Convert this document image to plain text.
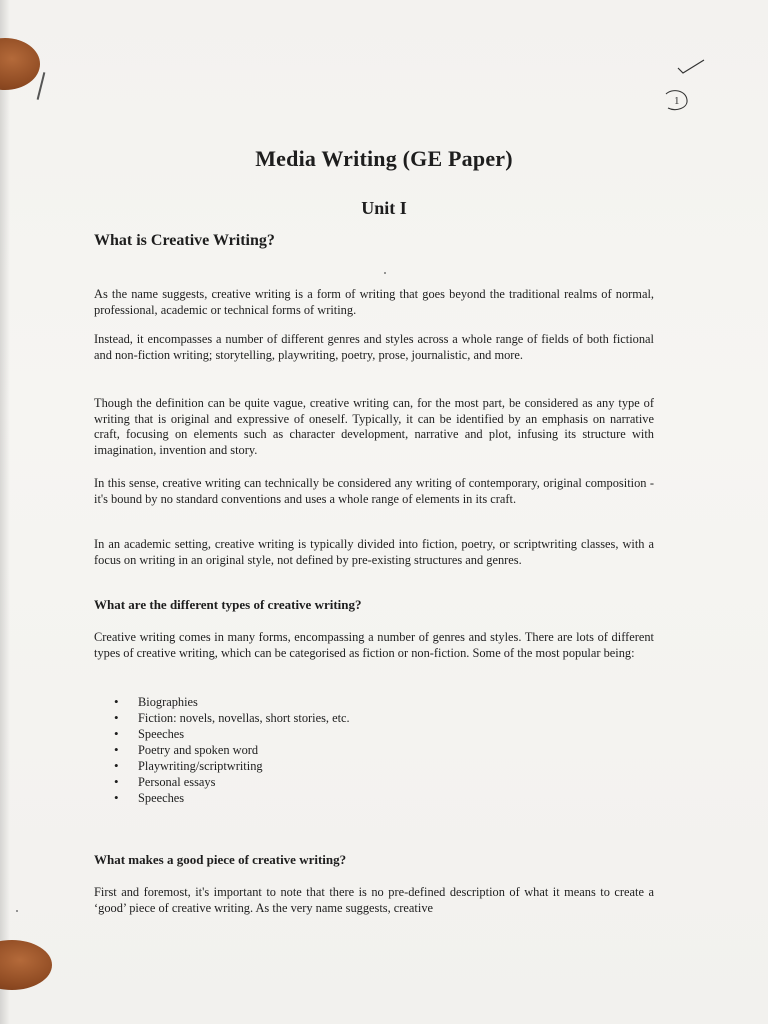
1
Media Writing (GE Paper)
Unit I
What is Creative Writing?
As the name suggests, creative writing is a form of writing that goes beyond the traditional realms of normal, professional, academic or technical forms of writing.
Instead, it encompasses a number of different genres and styles across a whole range of fields of both fictional and non-fiction writing; storytelling, playwriting, poetry, prose, journalistic, and more.
Though the definition can be quite vague, creative writing can, for the most part, be considered as any type of writing that is original and expressive of oneself. Typically, it can be identified by an emphasis on narrative craft, focusing on elements such as character development, narrative and plot, infusing its structure with imagination, invention and story.
In this sense, creative writing can technically be considered any writing of contemporary, original composition - it's bound by no standard conventions and uses a whole range of elements in its craft.
In an academic setting, creative writing is typically divided into fiction, poetry, or scriptwriting classes, with a focus on writing in an original style, not defined by pre-existing structures and genres.
What are the different types of creative writing?
Creative writing comes in many forms, encompassing a number of genres and styles. There are lots of different types of creative writing, which can be categorised as fiction or non-fiction. Some of the most popular being:
• Biographies
• Fiction: novels, novellas, short stories, etc.
• Speeches
• Poetry and spoken word
• Playwriting/scriptwriting
• Personal essays
• Speeches
What makes a good piece of creative writing?
First and foremost, it's important to note that there is no pre-defined description of what it means to create a ‘good’ piece of creative writing. As the very name suggests, creative
